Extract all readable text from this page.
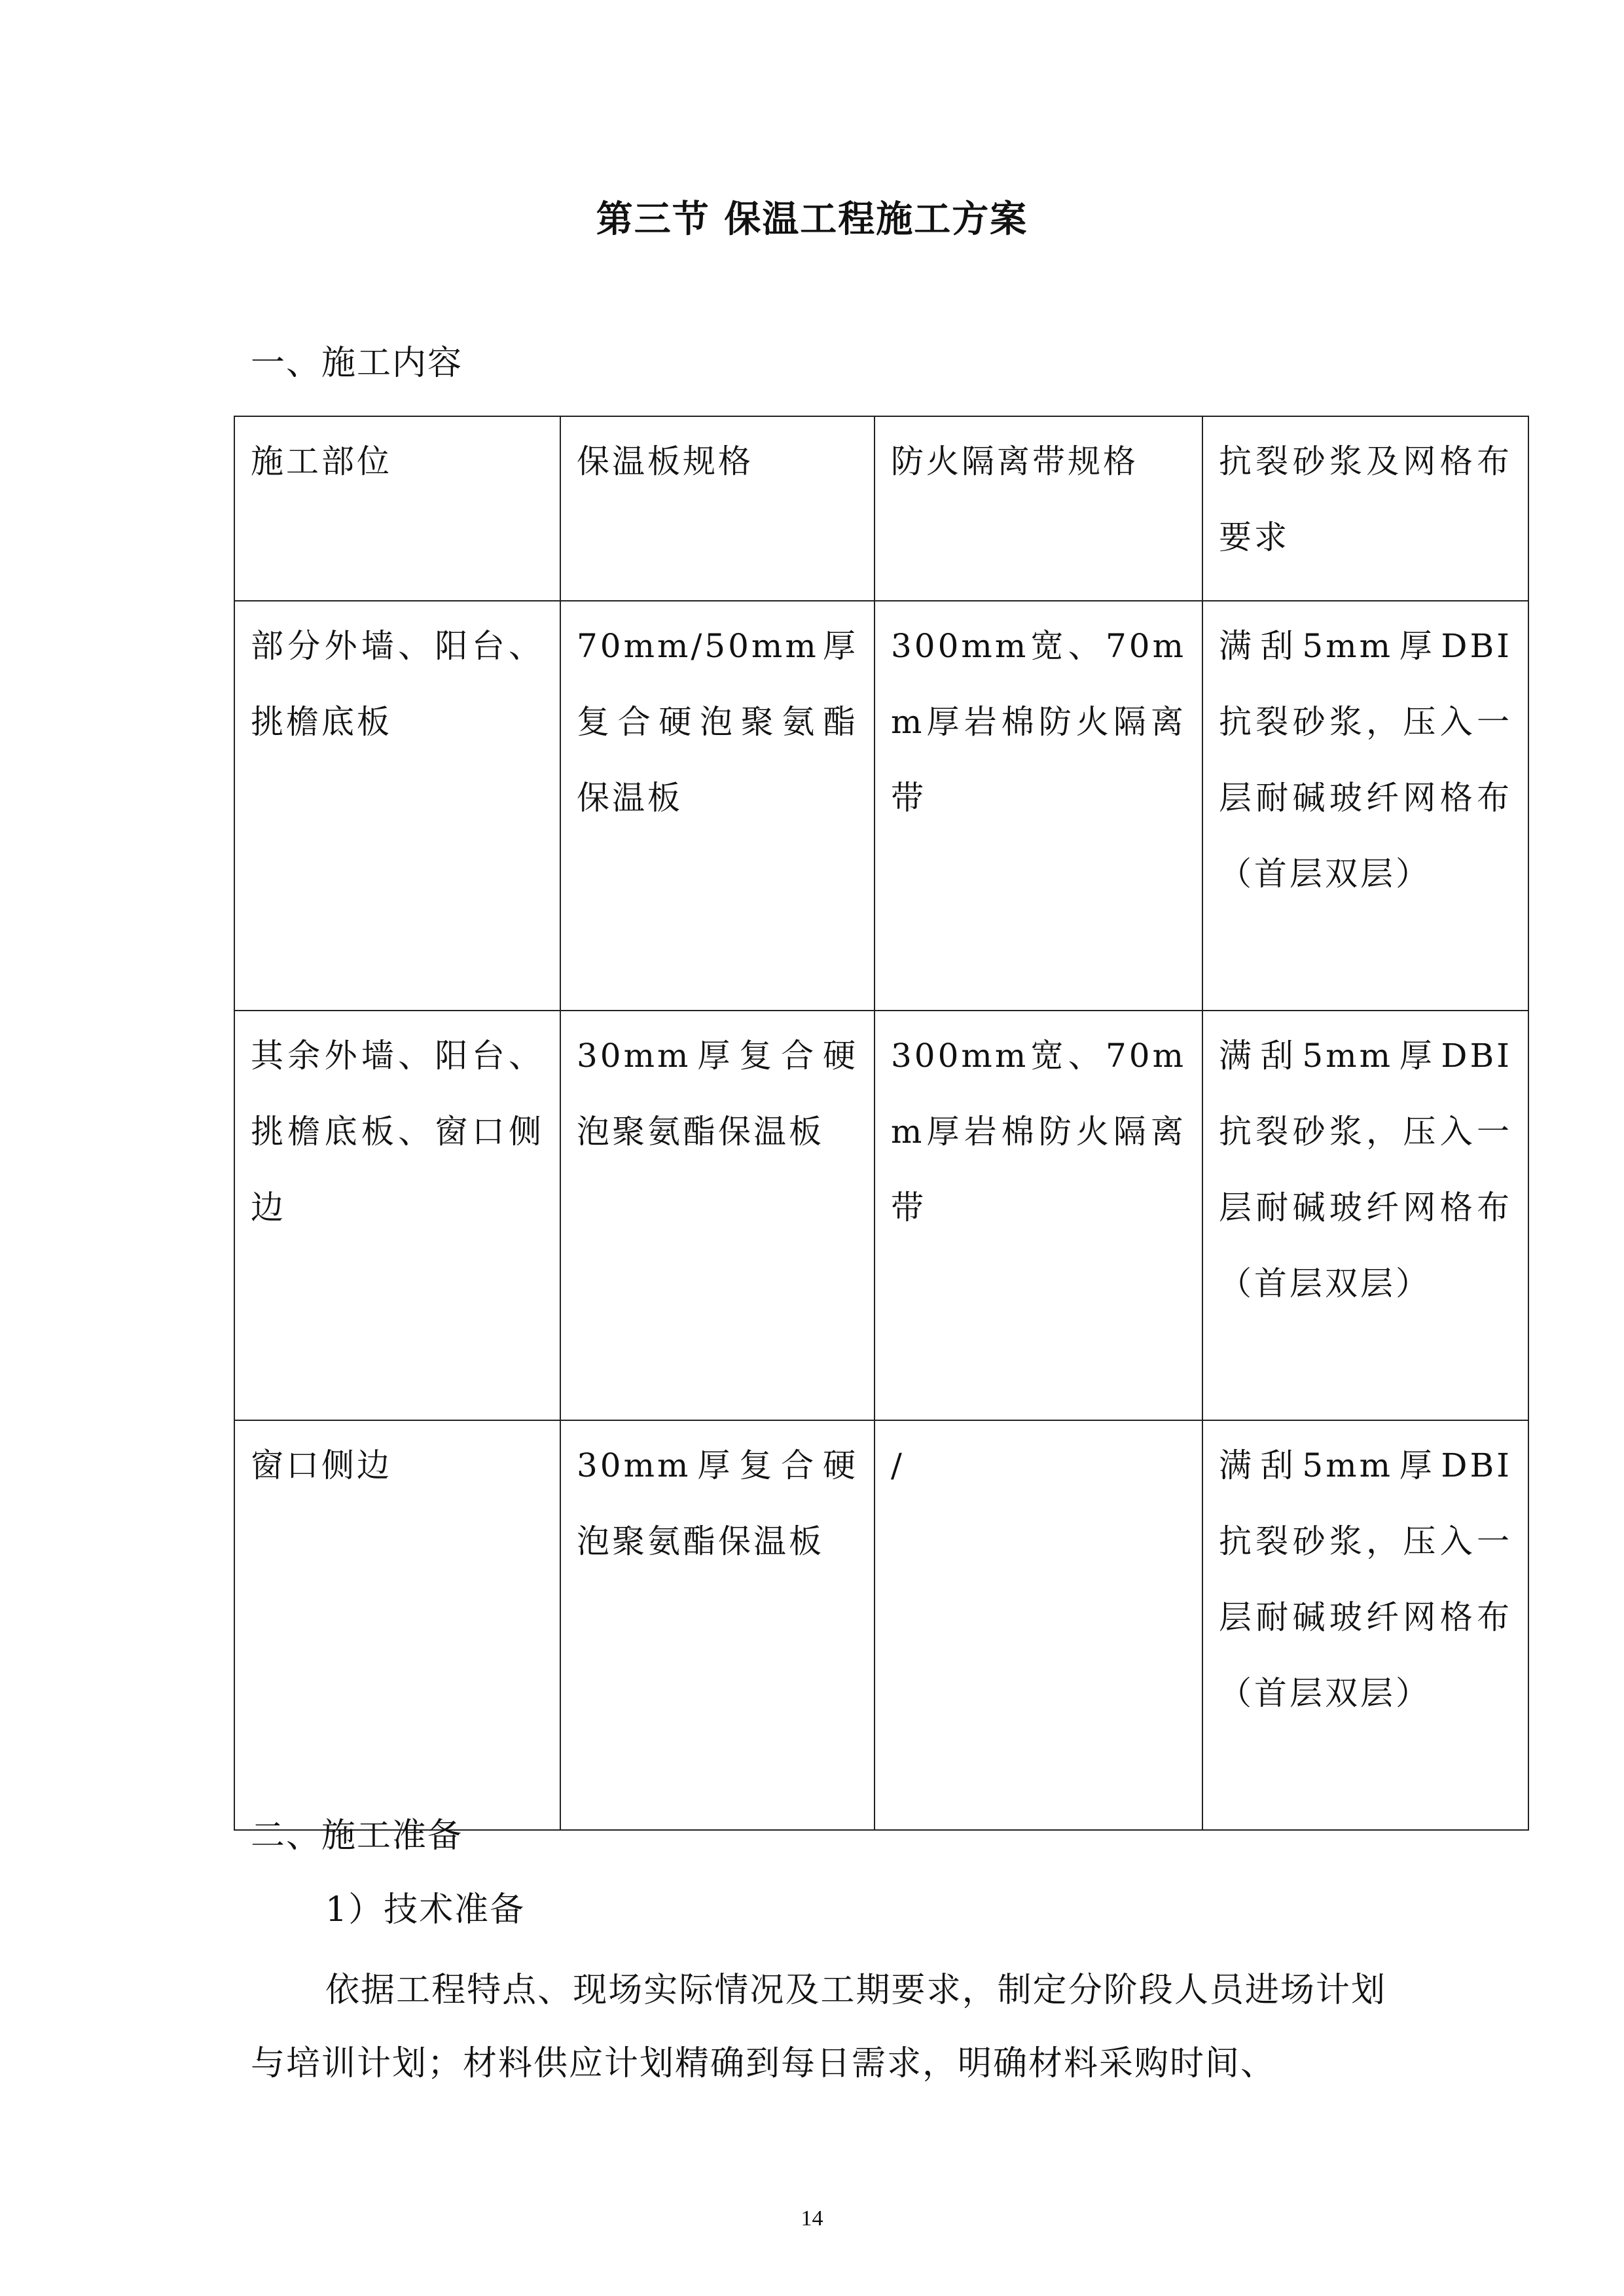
第三节 保温工程施工方案
一、施工内容
施工部位	保温板规格	防火隔离带规格	抗裂砂浆及网格布要求
部分外墙、阳台、挑檐底板	70mm/50mm厚复合硬泡聚氨酯保温板	300mm宽、70mm厚岩棉防火隔离带	满刮5mm厚DBI抗裂砂浆，压入一层耐碱玻纤网格布（首层双层）
其余外墙、阳台、挑檐底板、窗口侧边	30mm厚复合硬泡聚氨酯保温板	300mm宽、70mm厚岩棉防火隔离带	满刮5mm厚DBI抗裂砂浆，压入一层耐碱玻纤网格布（首层双层）
窗口侧边	30mm厚复合硬泡聚氨酯保温板	/	满刮5mm厚DBI抗裂砂浆，压入一层耐碱玻纤网格布（首层双层）
二、施工准备
1）技术准备

依据工程特点、现场实际情况及工期要求，制定分阶段人员进场计划与培训计划；材料供应计划精确到每日需求，明确材料采购时间、

14
